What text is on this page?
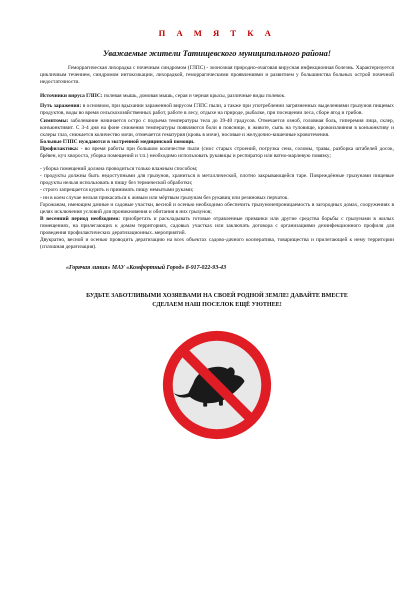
П А М Я Т К А
Уважаемые жители Татищевского муниципального района!

Геморрагическая лихорадка с почечным синдромом (ГЛПС) - зоонозная природно-очаговая вирусная инфекционная болезнь. Характеризуется цикличным течением, синдромом интоксикации, лихорадкой, геморрагическими проявлениями и развитием у большинства больных острой почечной недостаточности.

Источники вируса ГЛПС: полевая мышь, домовая мышь, серая и черная крысы, различные виды полевок.

Путь заражения: в основном, при вдыхании зараженной вирусом ГЛПС пыли, а также при употреблении загрязненных выделениями грызунов пищевых продуктов, воды во время сельскохозяйственных работ, работе в лесу, отдыхе на природе, рыбалке, при посещении леса, сборе ягод и грибов.

Симптомы: заболевание начинается остро с подъема температуры тела до 39-40 градусов. Отмечается озноб, головная боль, гиперемия лица, склер, конъюнктивит. С 3-4 дня на фоне снижения температуры появляются боли в пояснице, в животе, сыпь на туловище, кровоизлияния в конъюнктиву и склеры глаз, снижается количество мочи, отмечается гематурия (кровь в моче), носовые и желудочно-кишечные кровотечения.

Больные ГЛПС нуждаются в экстренной медицинской помощи.

Профилактика: - во время работы при большом количестве пыли (снос старых строений, погрузка сена, соломы, травы, разборка штабелей досок, брёвен, куч хвороста, уборка помещений и т.п.) необходимо использовать рукавицы и респиратор или ватно-марлевую повязку;

- уборка помещений должна проводиться только влажным способом;

- продукты должны быть недоступными для грызунов, храниться в металлической, плотно закрывающейся таре. Повреждённые грызунами пищевые продукты нельзя использовать в пищу без термической обработки;

- строго запрещается курить и принимать пищу немытыми руками;

- ни в коем случае нельзя прикасаться к живым или мёртвым грызунам без рукавиц или резиновых перчаток.

Горожанам, имеющим дачные и садовые участки, весной и осенью необходимо обеспечить грызунонепроницаемость в загородных домах, сооружениях в целях исключения условий для проникновения и обитания в них грызунов;

В весенний период необходимо: приобретать и раскладывать готовые отравленные приманки или другие средства борьбы с грызунами в жилых помещениях, на прилегающих к домам территориях, садовых участках или заключать договора с организациями дезинфекционного профиля для проведения профилактических дератизационных..мероприятий.

Двукратно, весной и осенью проводить дератизацию на всех объектах садово-дачного кооператива, товарищества и прилегающей к нему территории (сплошная дератизация).

«Горячая линия» МАУ «Комфортный Город» 8-917-022-93-43
БУДЬТЕ ЗАБОТЛИВЫМИ ХОЗЯЕВАМИ НА СВОЕЙ РОДНОЙ ЗЕМЛЕ! ДАВАЙТЕ ВМЕСТЕ
СДЕЛАЕМ НАШ ПОСЕЛОК ЕЩЁ УЮТНЕЕ!
